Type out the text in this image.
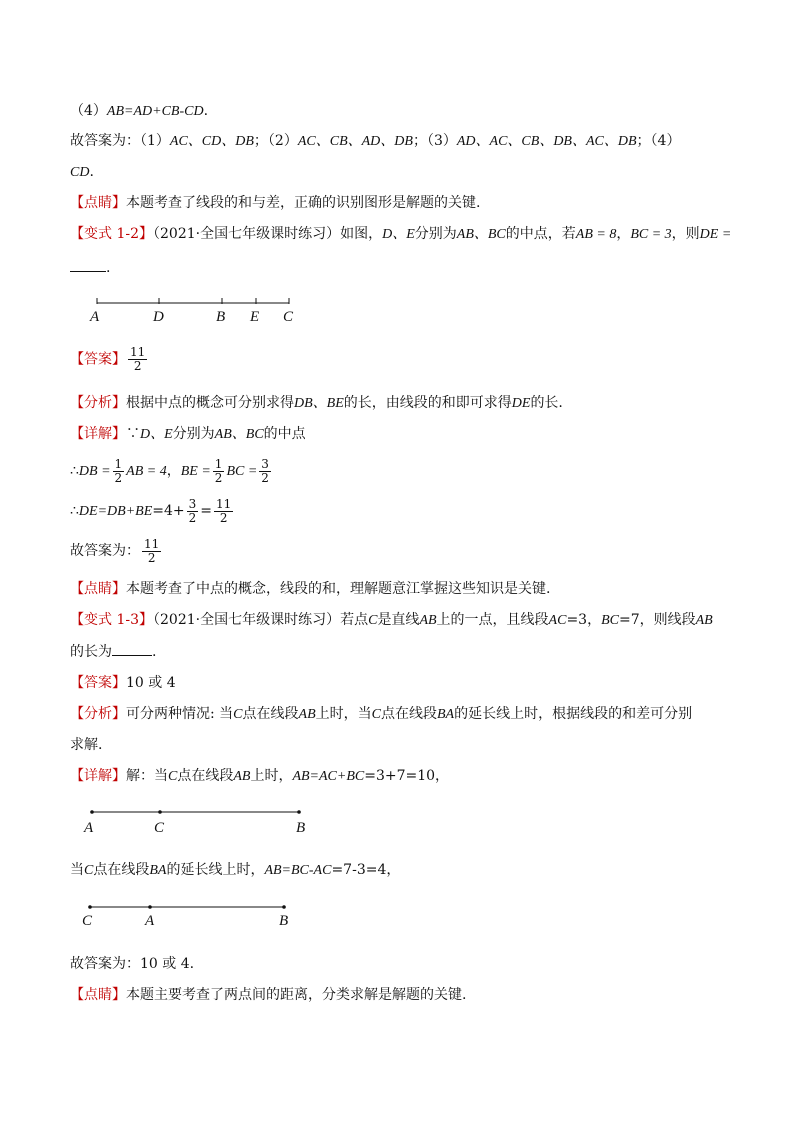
（4）AB=AD+CB-CD.
故答案为：（1）AC、CD、DB；（2）AC、CB、AD、DB；（3）AD、AC、CB、DB、AC、DB；（4）
CD.
【点睛】本题考查了线段的和与差，正确的识别图形是解题的关键.
【变式 1-2】（2021·全国七年级课时练习）如图，D、E分别为AB、BC的中点，若AB = 8，BC = 3，则DE =
.
A	D	B E C
【答案】 $\frac{11}{2}$
【分析】根据中点的概念可分别求得DB、BE的长，由线段的和即可求得DE的长.
【详解】∵D、E分别为AB、BC的中点
∴DB = $\frac{1}{2}$ AB = 4，BE = $\frac{1}{2}$ BC = $\frac{3}{2}$
∴DE=DB+BE=4+ $\frac{3}{2} = \frac{11}{2}$
故答案为： $\frac{11}{2}$
【点睛】本题考查了中点的概念，线段的和，理解题意江掌握这些知识是关键.
【变式 1-3】（2021·全国七年级课时练习）若点C是直线AB上的一点，且线段AC=3，BC=7，则线段AB
的长为	.
【答案】10 或 4
【分析】可分两种情况: 当C点在线段AB上时，当C点在线段BA的延长线上时，根据线段的和差可分别
求解.
【详解】解：当C点在线段AB上时，AB=AC+BC=3+7=10，
A	C	B
当C点在线段BA的延长线上时，AB=BC-AC=7-3=4，
C	A	B
故答案为：10 或 4.
【点睛】本题主要考查了两点间的距离，分类求解是解题的关键.
